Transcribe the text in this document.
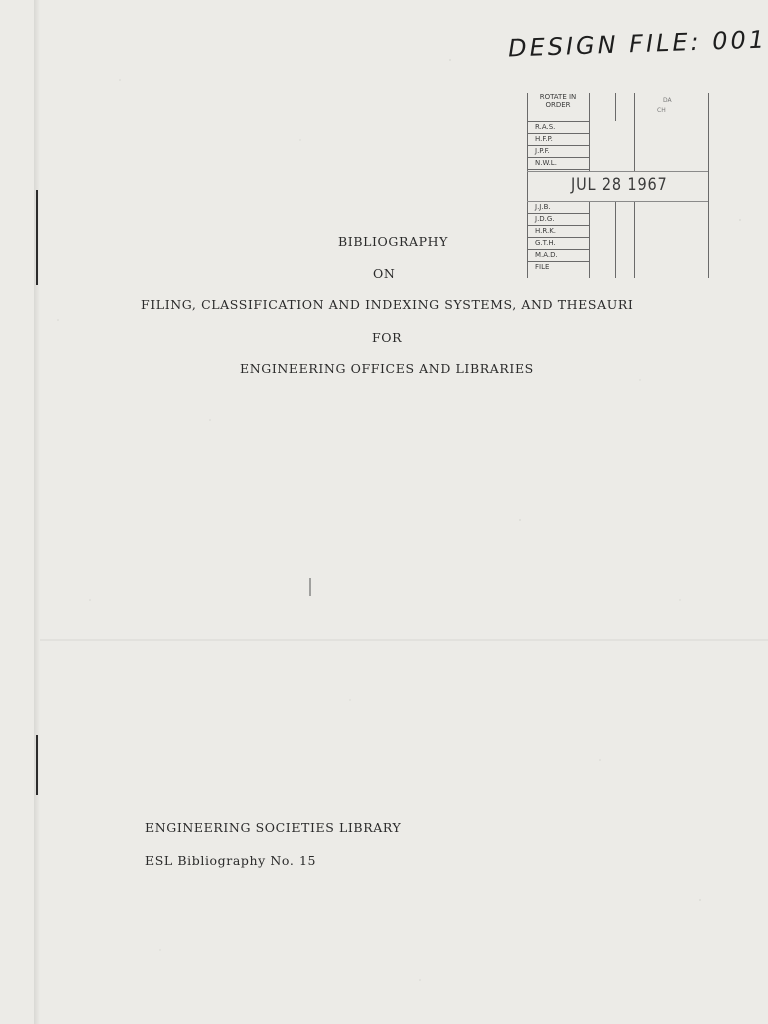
DESIGN FILE: 001
ROTATE IN ORDER
DA
CH
R.A.S.
H.F.P.
J.P.F.
N.W.L.
JUL 28 1967
J.J.B.
J.D.G.
H.R.K.
G.T.H.
M.A.D.
FILE
BIBLIOGRAPHY
ON
FILING, CLASSIFICATION AND INDEXING SYSTEMS, AND THESAURI
FOR
ENGINEERING OFFICES AND LIBRARIES
ENGINEERING SOCIETIES LIBRARY
ESL Bibliography No. 15
